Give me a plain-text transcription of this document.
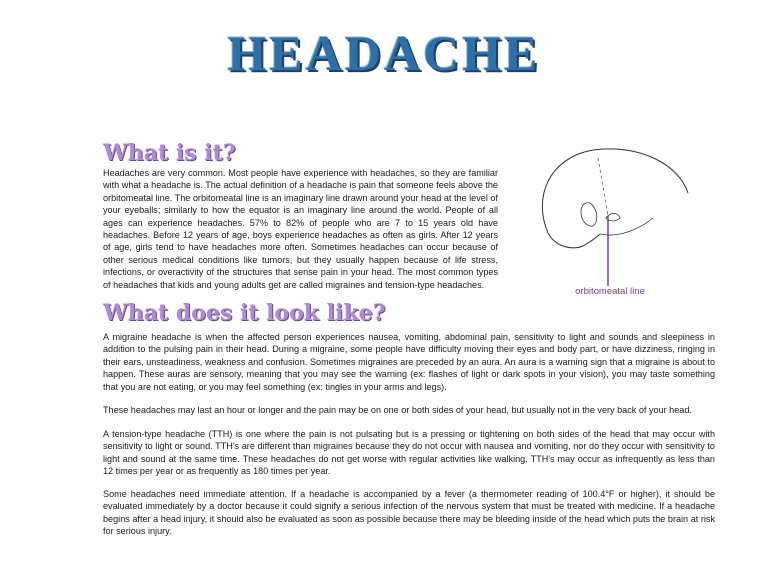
HEADACHE
What is it?

Headaches are very common. Most people have experience with headaches, so they are familiar with what a headache is. The actual definition of a headache is pain that someone feels above the orbitomeatal line. The orbitomeatal line is an imaginary line drawn around your head at the level of your eyeballs; similarly to how the equator is an imaginary line around the world. People of all ages can experience headaches. 57% to 82% of people who are 7 to 15 years old have headaches. Before 12 years of age, boys experience headaches as often as girls. After 12 years of age, girls tend to have headaches more often. Sometimes headaches can occur because of other serious medical conditions like tumors, but they usually happen because of life stress, infections, or overactivity of the structures that sense pain in your head. The most common types of headaches that kids and young adults get are called migraines and tension-type headaches.

orbitomeatal line
What does it look like?

A migraine headache is when the affected person experiences nausea, vomiting, abdominal pain, sensitivity to light and sounds and sleepiness in addition to the pulsing pain in their head. During a migraine, some people have difficulty moving their eyes and body part, or have dizziness, ringing in their ears, unsteadiness, weakness and confusion. Sometimes migraines are preceded by an aura. An aura is a warning sign that a migraine is about to happen. These auras are sensory, meaning that you may see the warning (ex: flashes of light or dark spots in your vision), you may taste something that you are not eating, or you may feel something (ex: tingles in your arms and legs).

These headaches may last an hour or longer and the pain may be on one or both sides of your head, but usually not in the very back of your head.

A tension-type headache (TTH) is one where the pain is not pulsating but is a pressing or tightening on both sides of the head that may occur with sensitivity to light or sound. TTH's are different than migraines because they do not occur with nausea and vomiting, nor do they occur with sensitivity to light and sound at the same time. These headaches do not get worse with regular activities like walking. TTH's may occur as infrequently as less than 12 times per year or as frequently as 180 times per year.

Some headaches need immediate attention. If a headache is accompanied by a fever (a thermometer reading of 100.4°F or higher), it should be evaluated immediately by a doctor because it could signify a serious infection of the nervous system that must be treated with medicine. If a headache begins after a head injury, it should also be evaluated as soon as possible because there may be bleeding inside of the head which puts the brain at risk for serious injury.
